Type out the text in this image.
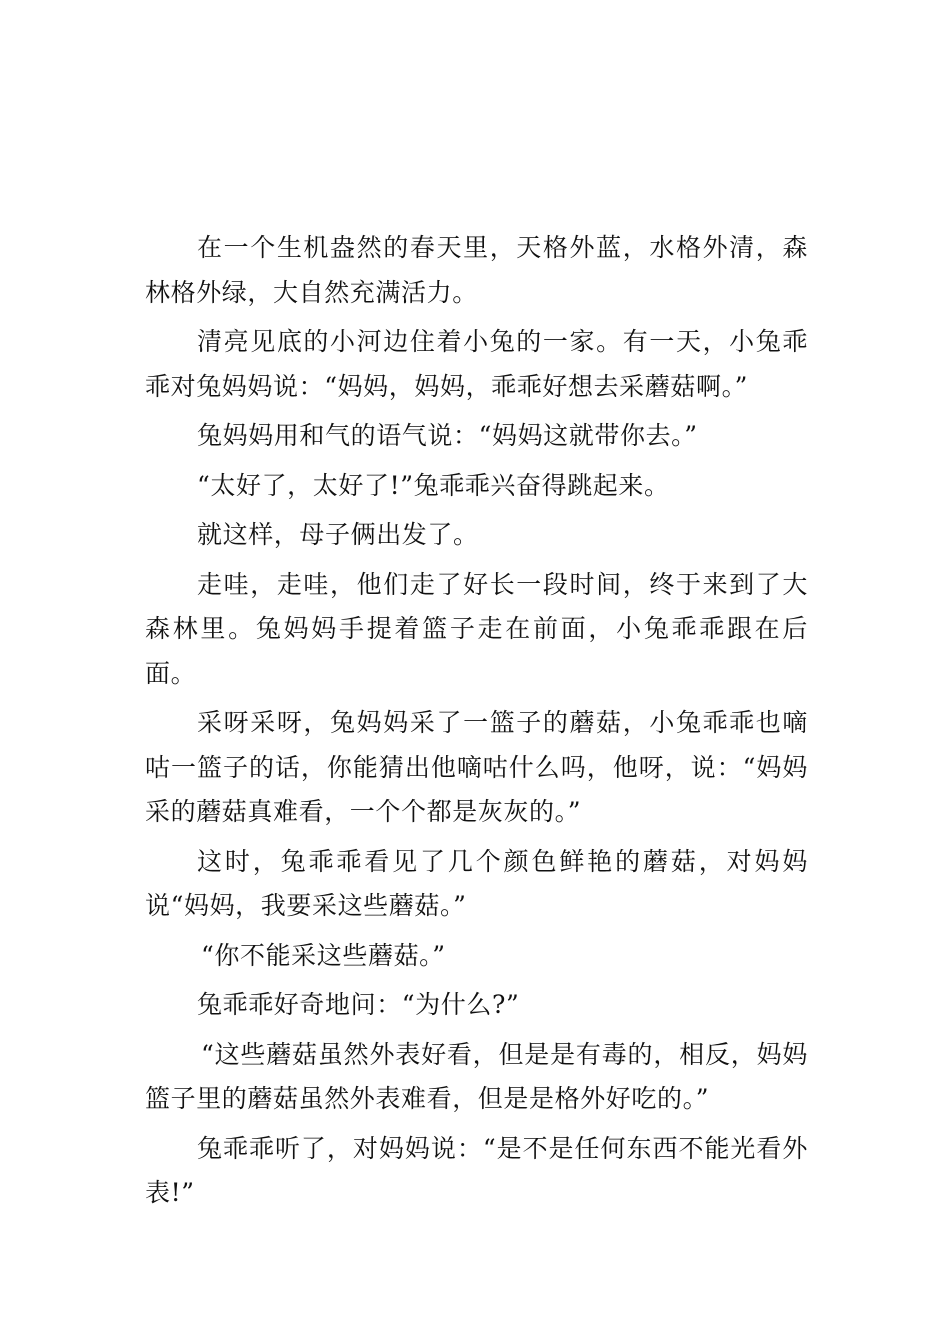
在一个生机盎然的春天里，天格外蓝，水格外清，森林格外绿，大自然充满活力。

清亮见底的小河边住着小兔的一家。有一天，小兔乖乖对兔妈妈说：“妈妈，妈妈，乖乖好想去采蘑菇啊。”

兔妈妈用和气的语气说：“妈妈这就带你去。”

“太好了，太好了!”兔乖乖兴奋得跳起来。

就这样，母子俩出发了。

走哇，走哇，他们走了好长一段时间，终于来到了大森林里。兔妈妈手提着篮子走在前面，小兔乖乖跟在后面。

采呀采呀，兔妈妈采了一篮子的蘑菇，小兔乖乖也嘀咕一篮子的话，你能猜出他嘀咕什么吗，他呀，说：“妈妈采的蘑菇真难看，一个个都是灰灰的。”

这时，兔乖乖看见了几个颜色鲜艳的蘑菇，对妈妈说“妈妈，我要采这些蘑菇。”

“你不能采这些蘑菇。”

兔乖乖好奇地问：“为什么?”

“这些蘑菇虽然外表好看，但是是有毒的，相反，妈妈篮子里的蘑菇虽然外表难看，但是是格外好吃的。”

兔乖乖听了，对妈妈说：“是不是任何东西不能光看外表!”
